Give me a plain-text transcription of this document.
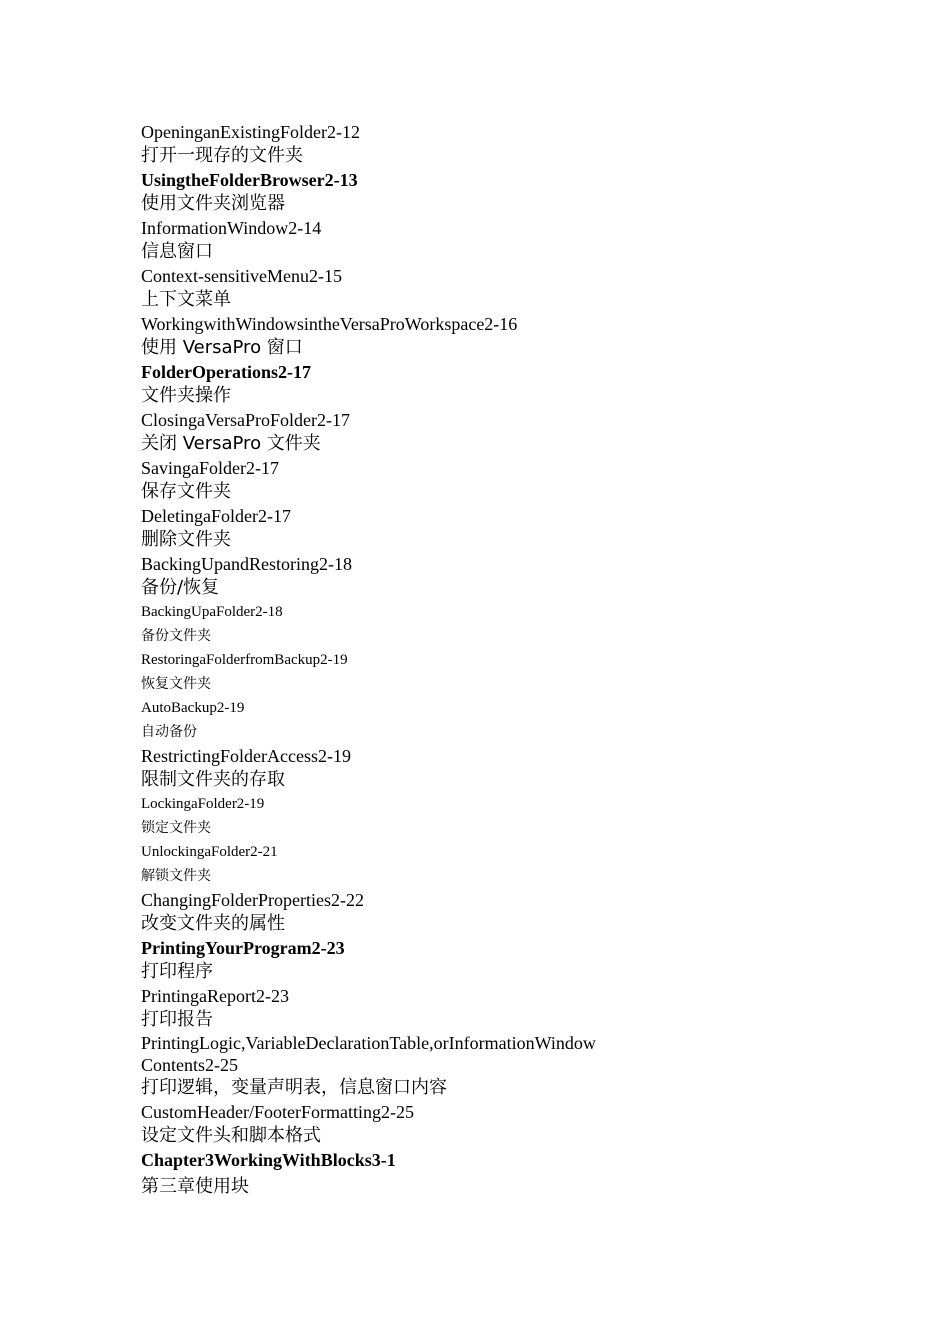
OpeninganExistingFolder2-12
打开一现存的文件夹
UsingtheFolderBrowser2-13
使用文件夹浏览器
InformationWindow2-14
信息窗口
Context-sensitiveMenu2-15
上下文菜单
WorkingwithWindowsintheVersaProWorkspace2-16
使用 VersaPro 窗口
FolderOperations2-17
文件夹操作
ClosingaVersaProFolder2-17
关闭 VersaPro 文件夹
SavingaFolder2-17
保存文件夹
DeletingaFolder2-17
删除文件夹
BackingUpandRestoring2-18
备份/恢复
BackingUpaFolder2-18
备份文件夹
RestoringaFolderfromBackup2-19
恢复文件夹
AutoBackup2-19
自动备份
RestrictingFolderAccess2-19
限制文件夹的存取
LockingaFolder2-19
锁定文件夹
UnlockingaFolder2-21
解锁文件夹
ChangingFolderProperties2-22
改变文件夹的属性
PrintingYourProgram2-23
打印程序
PrintingaReport2-23
打印报告
PrintingLogic,VariableDeclarationTable,orInformationWindow Contents2-25
打印逻辑，变量声明表，信息窗口内容
CustomHeader/FooterFormatting2-25
设定文件头和脚本格式
Chapter3WorkingWithBlocks3-1
第三章使用块
